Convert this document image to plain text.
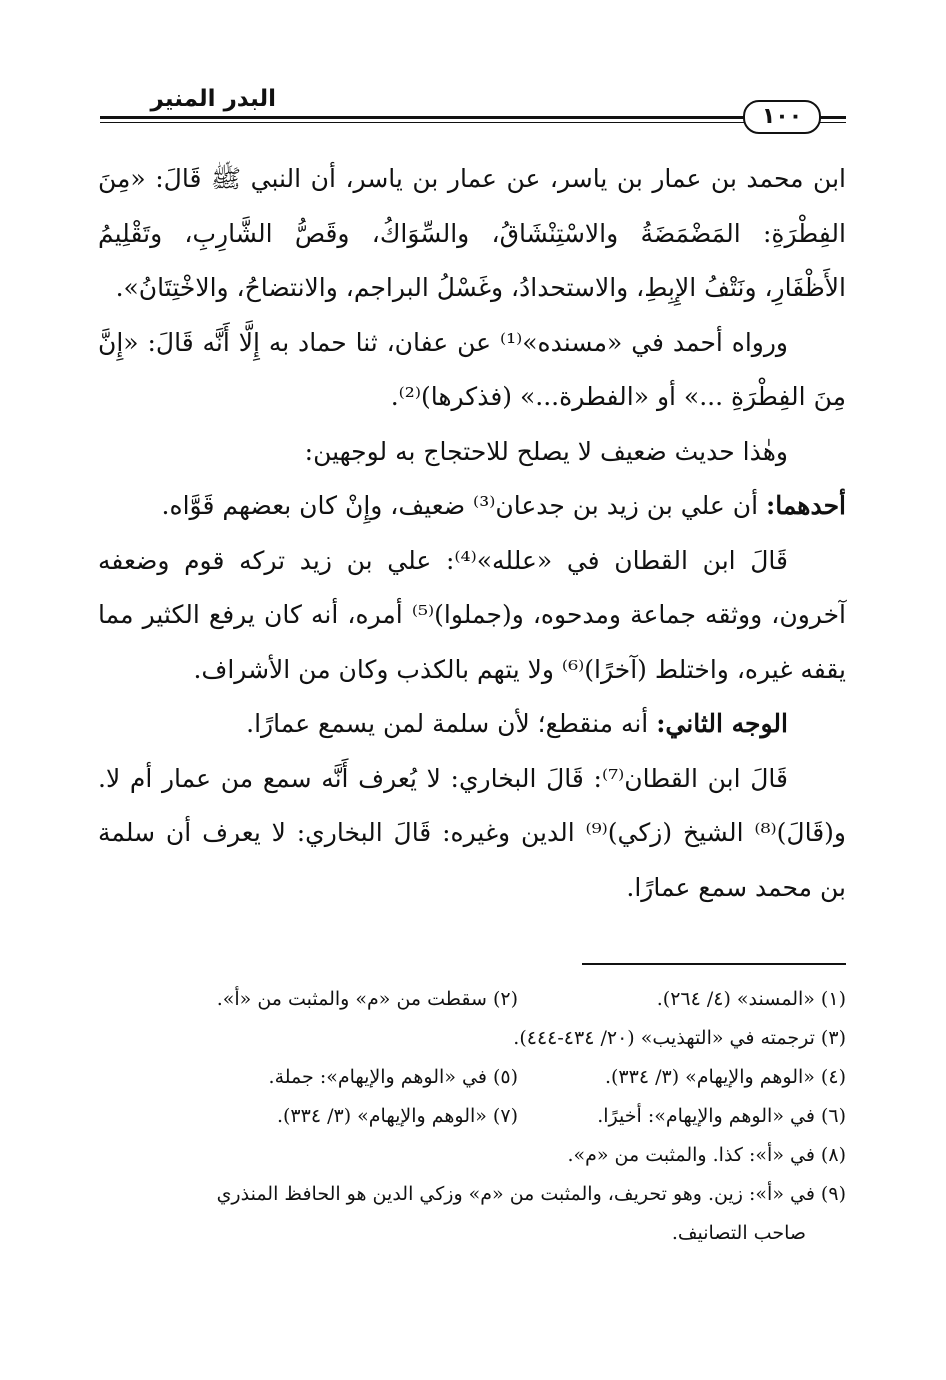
البدر المنير
١٠٠

ابن محمد بن عمار بن ياسر، عن عمار بن ياسر، أن النبي ﷺ قَالَ: «مِنَ الفِطْرَةِ: المَضْمَضَةُ والاسْتِنْشَاقُ، والسِّوَاكُ، وقَصُّ الشَّارِبِ، وتَقْلِيمُ الأَظْفَارِ، ونَتْفُ الإِبِطِ، والاستحدادُ، وغَسْلُ البراجم، والانتضاحُ، والاخْتِتَانُ».

ورواه أحمد في «مسنده»⁽¹⁾ عن عفان، ثنا حماد به إِلَّا أَنَّه قَالَ: «إِنَّ مِنَ الفِطْرَةِ ...» أو «الفطرة...» (فذكرها)⁽²⁾.

وهٰذا حديث ضعيف لا يصلح للاحتجاج به لوجهين:

أحدهما: أن علي بن زيد بن جدعان⁽³⁾ ضعيف، وإِنْ كان بعضهم قَوَّاه.

قَالَ ابن القطان في «علله»⁽⁴⁾: علي بن زيد تركه قوم وضعفه آخرون، ووثقه جماعة ومدحوه، و(جملوا)⁽⁵⁾ أمره، أنه كان يرفع الكثير مما يقفه غيره، واختلط (آخرًا)⁽⁶⁾ ولا يتهم بالكذب وكان من الأشراف.

الوجه الثاني: أنه منقطع؛ لأن سلمة لمن يسمع عمارًا.

قَالَ ابن القطان⁽⁷⁾: قَالَ البخاري: لا يُعرف أَنَّه سمع من عمار أم لا. و(قَالَ)⁽⁸⁾ الشيخ (زكي)⁽⁹⁾ الدين وغيره: قَالَ البخاري: لا يعرف أن سلمة بن محمد سمع عمارًا.

(١) «المسند» (٤/ ٢٦٤).
(٢) سقطت من «م» والمثبت من «أ».
(٣) ترجمته في «التهذيب» (٢٠/ ٤٣٤-٤٤٤).
(٤) «الوهم والإيهام» (٣/ ٣٣٤).
(٥) في «الوهم والإيهام»: جملة.
(٦) في «الوهم والإيهام»: أخيرًا.
(٧) «الوهم والإيهام» (٣/ ٣٣٤).
(٨) في «أ»: كذا. والمثبت من «م».
(٩) في «أ»: زين. وهو تحريف، والمثبت من «م» وزكي الدين هو الحافظ المنذري
صاحب التصانيف.
